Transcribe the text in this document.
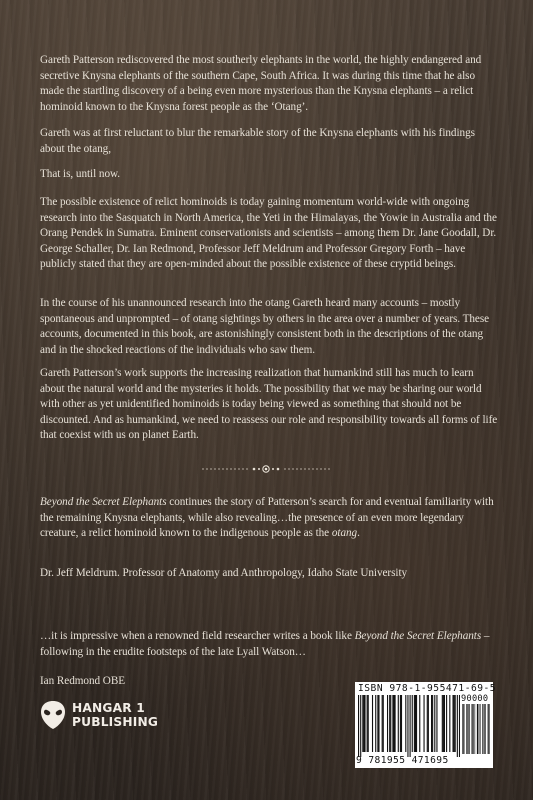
Gareth Patterson rediscovered the most southerly elephants in the world, the highly endangered and secretive Knysna elephants of the southern Cape, South Africa. It was during this time that he also made the startling discovery of a being even more mysterious than the Knysna elephants – a relict hominoid known to the Knysna forest people as the ‘Otang’.

Gareth was at first reluctant to blur the remarkable story of the Knysna elephants with his findings about the otang,

That is, until now.

The possible existence of relict hominoids is today gaining momentum world-wide with ongoing research into the Sasquatch in North America, the Yeti in the Himalayas, the Yowie in Australia and the Orang Pendek in Sumatra. Eminent conservationists and scientists – among them Dr. Jane Goodall, Dr. George Schaller, Dr. Ian Redmond, Professor Jeff Meldrum and Professor Gregory Forth – have publicly stated that they are open-minded about the possible existence of these cryptid beings.

In the course of his unannounced research into the otang Gareth heard many accounts – mostly spontaneous and unprompted – of otang sightings by others in the area over a number of years. These accounts, documented in this book, are astonishingly consistent both in the descriptions of the otang and in the shocked reactions of the individuals who saw them.

Gareth Patterson’s work supports the increasing realization that humankind still has much to learn about the natural world and the mysteries it holds. The possibility that we may be sharing our world with other as yet unidentified hominoids is today being viewed as something that should not be discounted. And as humankind, we need to reassess our role and responsibility towards all forms of life that coexist with us on planet Earth.

Beyond the Secret Elephants continues the story of Patterson’s search for and eventual familiarity with the remaining Knysna elephants, while also revealing…the presence of an even more legendary creature, a relict hominoid known to the indigenous people as the otang.

Dr. Jeff Meldrum. Professor of Anatomy and Anthropology, Idaho State University

…it is impressive when a renowned field researcher writes a book like Beyond the Secret Elephants – following in the erudite footsteps of the late Lyall Watson…

Ian Redmond OBE

HANGAR 1 PUBLISHING
ISBN 978-1-955471-69-5
90000
9 781955 471695
